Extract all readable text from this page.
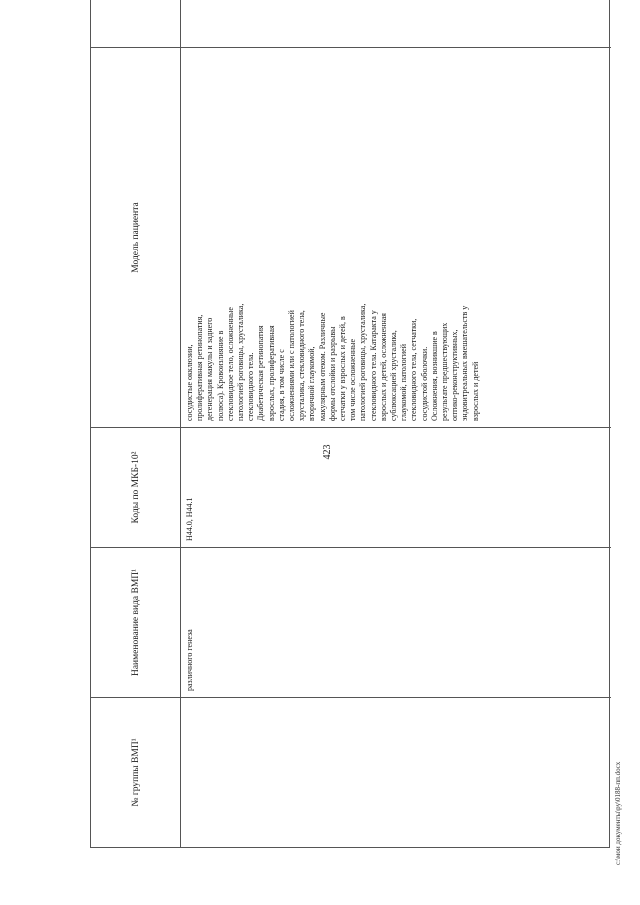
423
№ группы ВМП¹
Наименование вида ВМП¹
Коды по МКБ-10²
Модель пациента
различного генеза
H44.0, H44.1
сосудистые окклюзии,
пролиферативная ретинопатия,
дегенерация макулы и заднего
полюса). Кровоизлияние в
стекловидное тело, осложненные
патологией роговицы, хрусталика,
стекловидного тела.
Диабетическая ретинопатия
взрослых, пролиферативная
стадия, в том числе с
осложнениями или с патологией
хрусталика, стекловидного тела,
вторичной глаукомой,
макулярным отеком. Различные
формы отслойки и разрывы
сетчатки у взрослых и детей, в
том числе осложненные
патологией роговицы, хрусталика,
стекловидного тела. Катаракта у
взрослых и детей, осложненная
сублюксацией хрусталика,
глаукомой, патологией
стекловидного тела, сетчатки,
сосудистой оболочки.
Осложнения, возникшие в
результате предшествующих
оптико-реконструктивных,
эндовитреальных вмешательств у
взрослых и детей
c:\мои документы\ру\0188-пп.docx
